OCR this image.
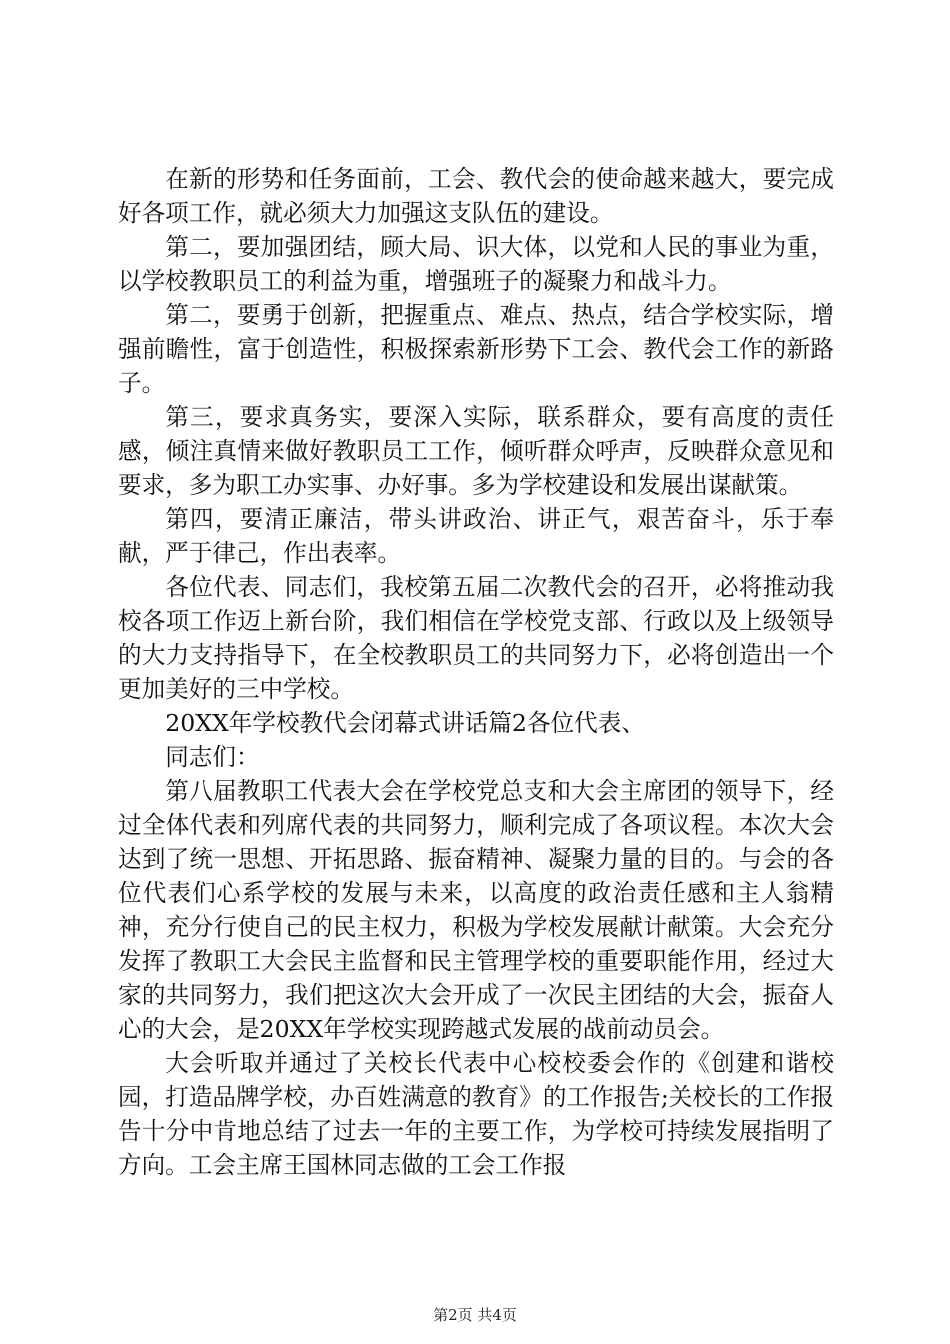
在新的形势和任务面前，工会、教代会的使命越来越大，要完成好各项工作，就必须大力加强这支队伍的建设。

第二，要加强团结，顾大局、识大体，以党和人民的事业为重，以学校教职员工的利益为重，增强班子的凝聚力和战斗力。

第二，要勇于创新，把握重点、难点、热点，结合学校实际，增强前瞻性，富于创造性，积极探索新形势下工会、教代会工作的新路子。

第三，要求真务实，要深入实际，联系群众，要有高度的责任感，倾注真情来做好教职员工工作，倾听群众呼声，反映群众意见和要求，多为职工办实事、办好事。多为学校建设和发展出谋献策。

第四，要清正廉洁，带头讲政治、讲正气，艰苦奋斗，乐于奉献，严于律己，作出表率。

各位代表、同志们，我校第五届二次教代会的召开，必将推动我校各项工作迈上新台阶，我们相信在学校党支部、行政以及上级领导的大力支持指导下，在全校教职员工的共同努力下，必将创造出一个更加美好的三中学校。

20XX年学校教代会闭幕式讲话篇2各位代表、

同志们：

第八届教职工代表大会在学校党总支和大会主席团的领导下，经过全体代表和列席代表的共同努力，顺利完成了各项议程。本次大会达到了统一思想、开拓思路、振奋精神、凝聚力量的目的。与会的各位代表们心系学校的发展与未来，以高度的政治责任感和主人翁精神，充分行使自己的民主权力，积极为学校发展献计献策。大会充分发挥了教职工大会民主监督和民主管理学校的重要职能作用，经过大家的共同努力，我们把这次大会开成了一次民主团结的大会，振奋人心的大会，是20XX年学校实现跨越式发展的战前动员会。

大会听取并通过了关校长代表中心校校委会作的《创建和谐校园，打造品牌学校，办百姓满意的教育》的工作报告;关校长的工作报告十分中肯地总结了过去一年的主要工作，为学校可持续发展指明了方向。工会主席王国林同志做的工会工作报

第2页 共4页
